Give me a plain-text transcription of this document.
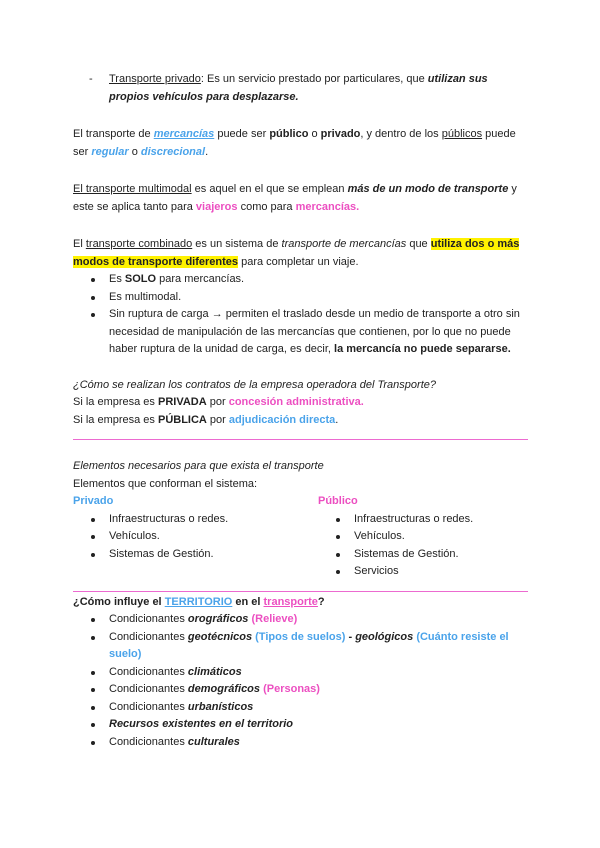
- Transporte privado: Es un servicio prestado por particulares, que utilizan sus propios vehículos para desplazarse.

El transporte de mercancías puede ser público o privado, y dentro de los públicos puede ser regular o discrecional.

El transporte multimodal es aquel en el que se emplean más de un modo de transporte y este se aplica tanto para viajeros como para mercancías.

El transporte combinado es un sistema de transporte de mercancías que utiliza dos o más modos de transporte diferentes para completar un viaje.

Es SOLO para mercancías.
Es multimodal.
Sin ruptura de carga → permiten el traslado desde un medio de transporte a otro sin necesidad de manipulación de las mercancías que contienen, por lo que no puede haber ruptura de la unidad de carga, es decir, la mercancía no puede separarse.

¿Cómo se realizan los contratos de la empresa operadora del Transporte?

Si la empresa es PRIVADA por concesión administrativa.

Si la empresa es PÚBLICA por adjudicación directa.

Elementos necesarios para que exista el transporte

Elementos que conforman el sistema:

Privado
Infraestructuras o redes.
Vehículos.
Sistemas de Gestión.
Público
Infraestructuras o redes.
Vehículos.
Sistemas de Gestión.
Servicios

¿Cómo influye el TERRITORIO en el transporte?

Condicionantes orográficos (Relieve)
Condicionantes geotécnicos (Tipos de suelos) - geológicos (Cuánto resiste el suelo)
Condicionantes climáticos
Condicionantes demográficos (Personas)
Condicionantes urbanísticos
Recursos existentes en el territorio
Condicionantes culturales
